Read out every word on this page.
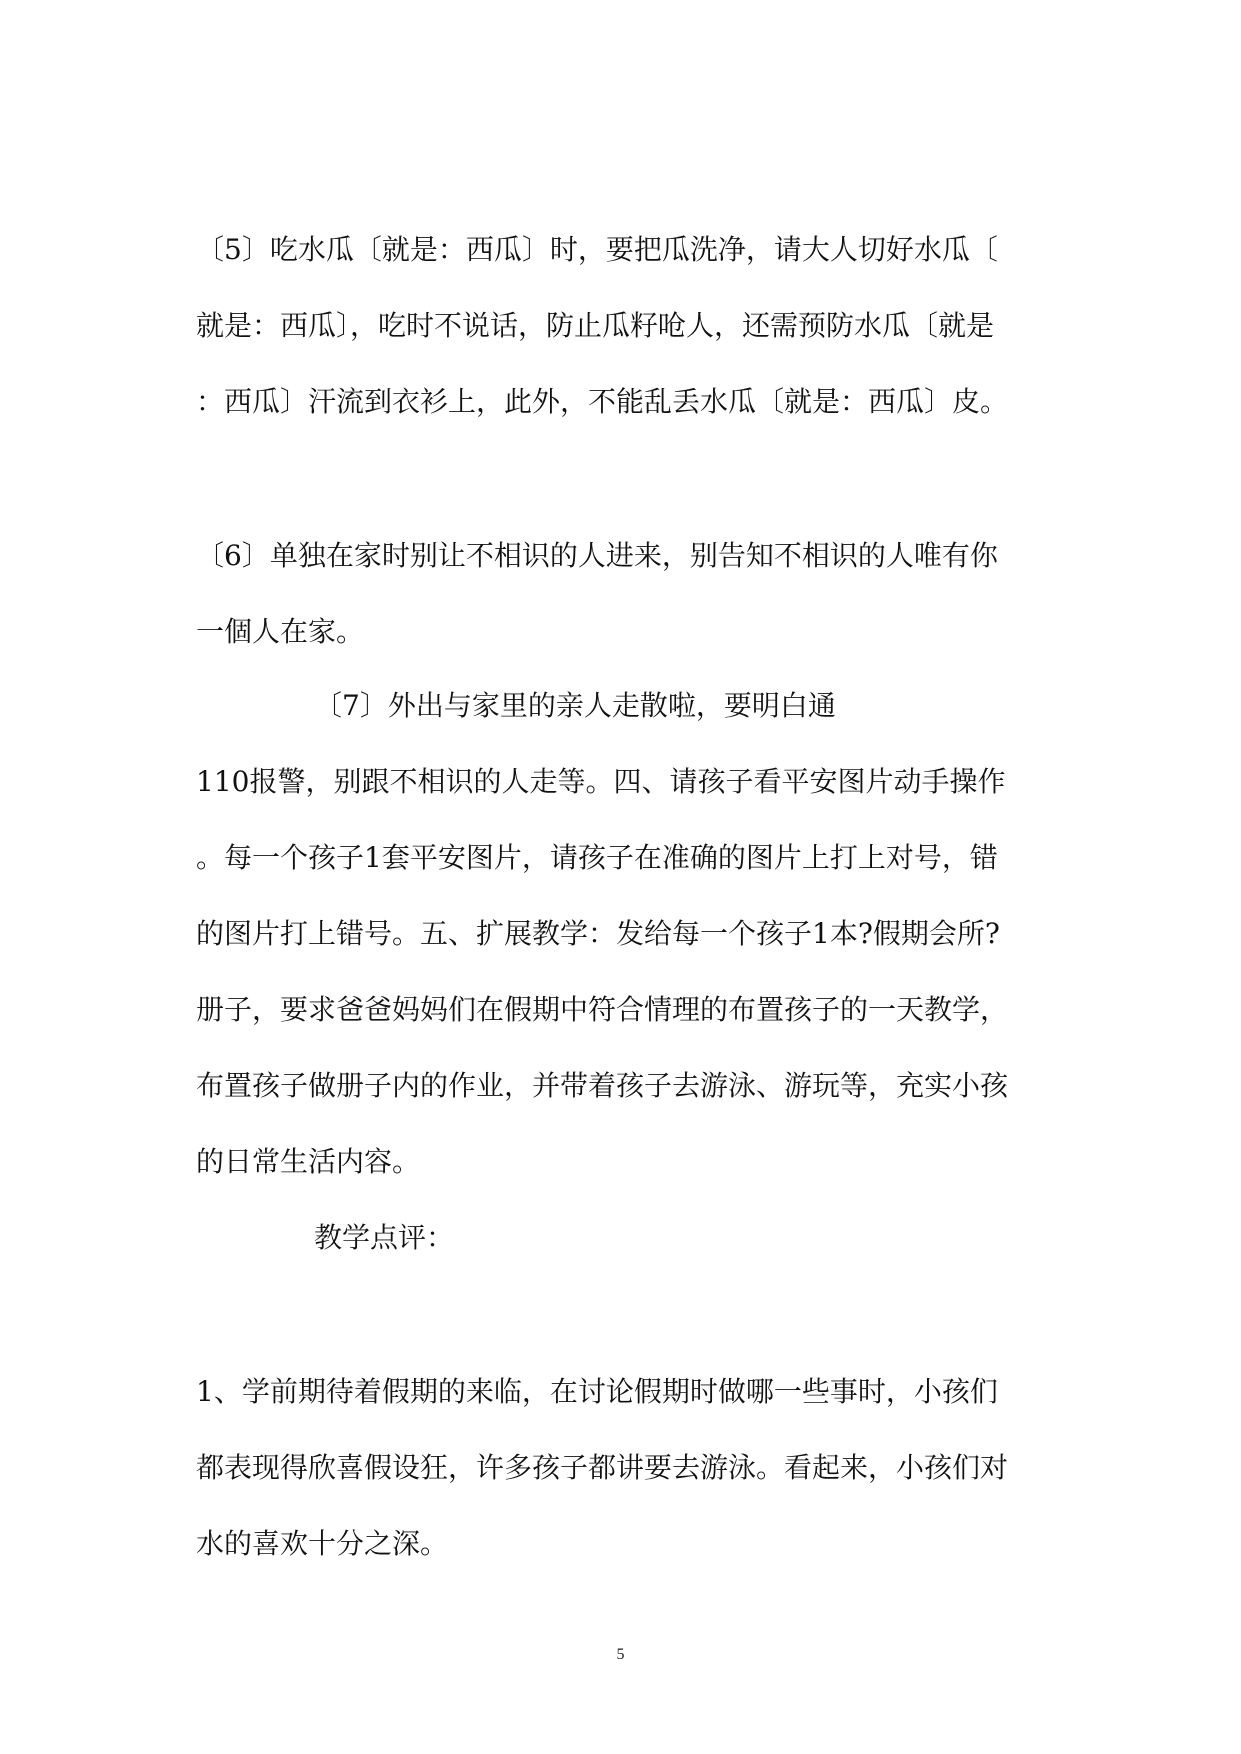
〔5〕吃水瓜〔就是：西瓜〕时，要把瓜洗净，请大人切好水瓜〔
就是：西瓜〕，吃时不说话，防止瓜籽呛人，还需预防水瓜〔就是
：西瓜〕汗流到衣衫上，此外，不能乱丢水瓜〔就是：西瓜〕皮。
〔6〕单独在家时别让不相识的人进来，别告知不相识的人唯有你
一個人在家。
〔7〕外出与家里的亲人走散啦，要明白通
110报警，别跟不相识的人走等。四、请孩子看平安图片动手操作
。每一个孩子1套平安图片，请孩子在准确的图片上打上对号，错
的图片打上错号。五、扩展教学：发给每一个孩子1本?假期会所?
册子，要求爸爸妈妈们在假期中符合情理的布置孩子的一天教学，
布置孩子做册子内的作业，并带着孩子去游泳、游玩等，充实小孩
的日常生活内容。
教学点评：
1、学前期待着假期的来临，在讨论假期时做哪一些事时，小孩们
都表现得欣喜假设狂，许多孩子都讲要去游泳。看起来，小孩们对
水的喜欢十分之深。
5
